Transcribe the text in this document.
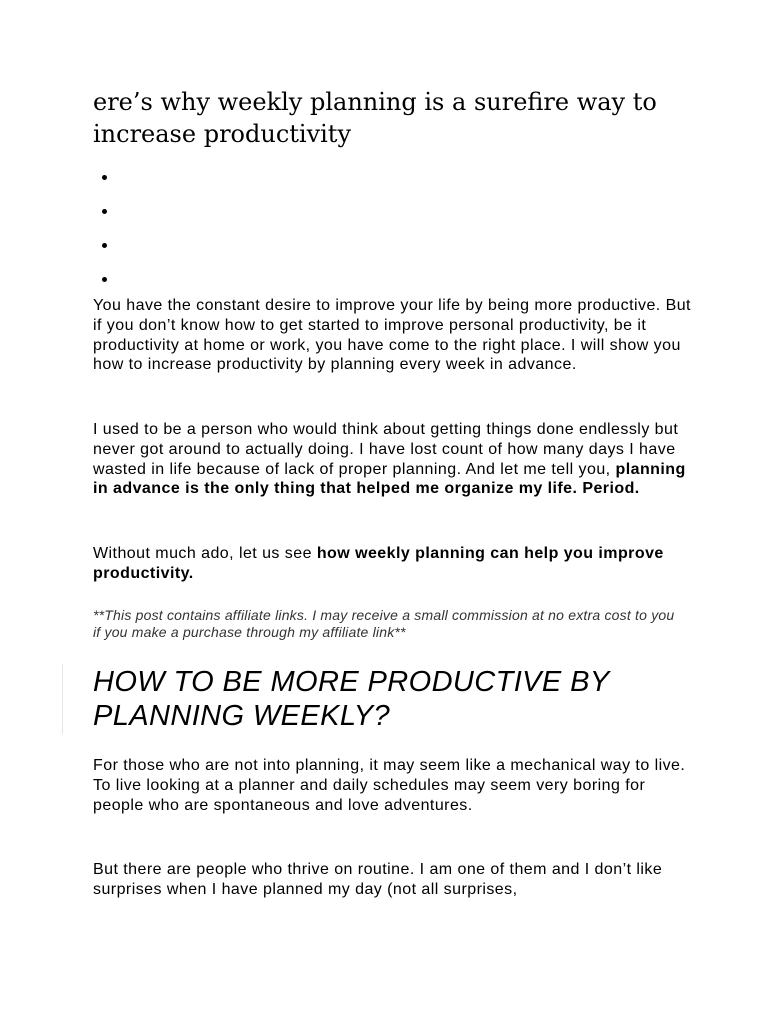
ere’s why weekly planning is a surefire way to increase productivity

You have the constant desire to improve your life by being more productive. But if you don’t know how to get started to improve personal productivity, be it productivity at home or work, you have come to the right place. I will show you how to increase productivity by planning every week in advance.

I used to be a person who would think about getting things done endlessly but never got around to actually doing. I have lost count of how many days I have wasted in life because of lack of proper planning. And let me tell you, planning in advance is the only thing that helped me organize my life. Period.

Without much ado, let us see how weekly planning can help you improve productivity.

**This post contains affiliate links. I may receive a small commission at no extra cost to you if you make a purchase through my affiliate link**

HOW TO BE MORE PRODUCTIVE BY PLANNING WEEKLY?

For those who are not into planning, it may seem like a mechanical way to live. To live looking at a planner and daily schedules may seem very boring for people who are spontaneous and love adventures.

But there are people who thrive on routine. I am one of them and I don’t like surprises when I have planned my day (not all surprises,
